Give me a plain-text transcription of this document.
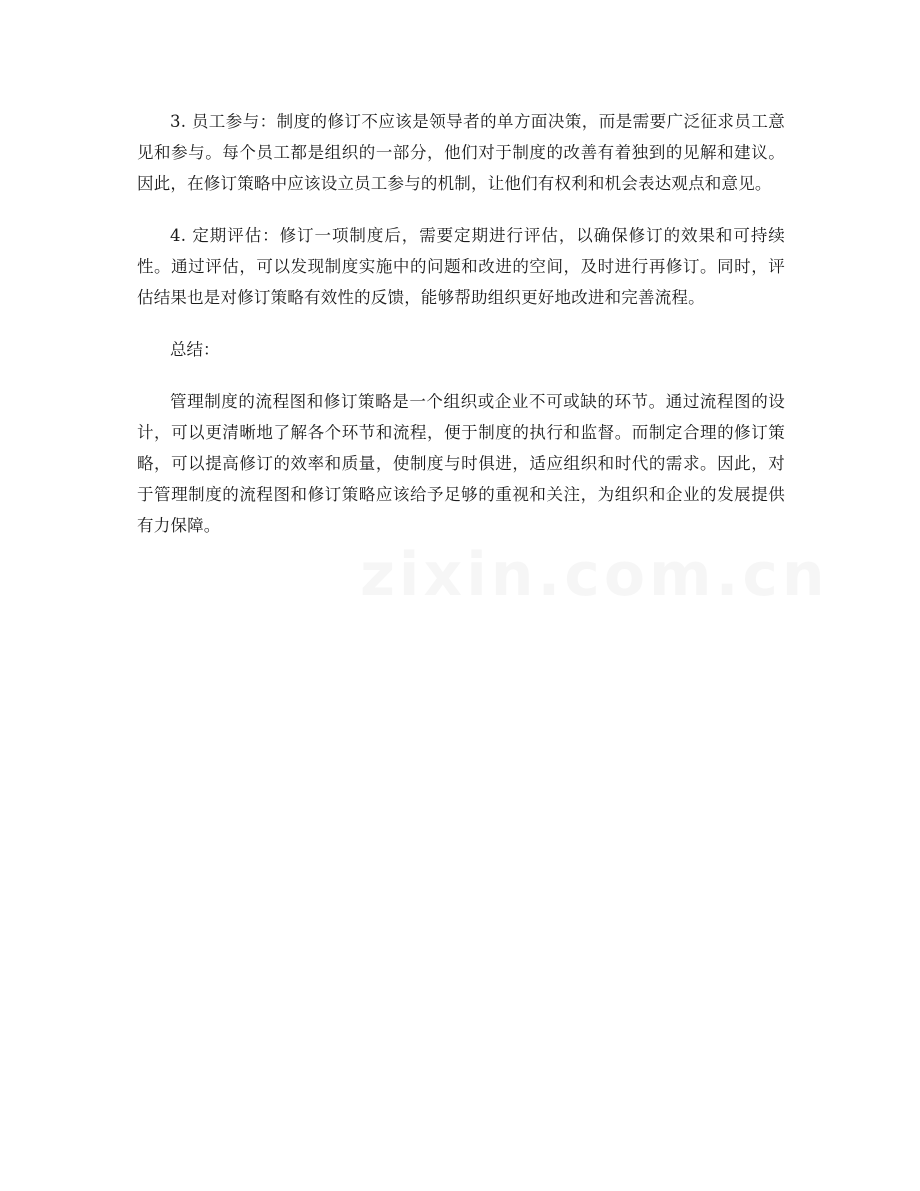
3. 员工参与：制度的修订不应该是领导者的单方面决策，而是需要广泛征求员工意见和参与。每个员工都是组织的一部分，他们对于制度的改善有着独到的见解和建议。因此，在修订策略中应该设立员工参与的机制，让他们有权利和机会表达观点和意见。

4. 定期评估：修订一项制度后，需要定期进行评估，以确保修订的效果和可持续性。通过评估，可以发现制度实施中的问题和改进的空间，及时进行再修订。同时，评估结果也是对修订策略有效性的反馈，能够帮助组织更好地改进和完善流程。

总结：

管理制度的流程图和修订策略是一个组织或企业不可或缺的环节。通过流程图的设计，可以更清晰地了解各个环节和流程，便于制度的执行和监督。而制定合理的修订策略，可以提高修订的效率和质量，使制度与时俱进，适应组织和时代的需求。因此，对于管理制度的流程图和修订策略应该给予足够的重视和关注，为组织和企业的发展提供有力保障。
